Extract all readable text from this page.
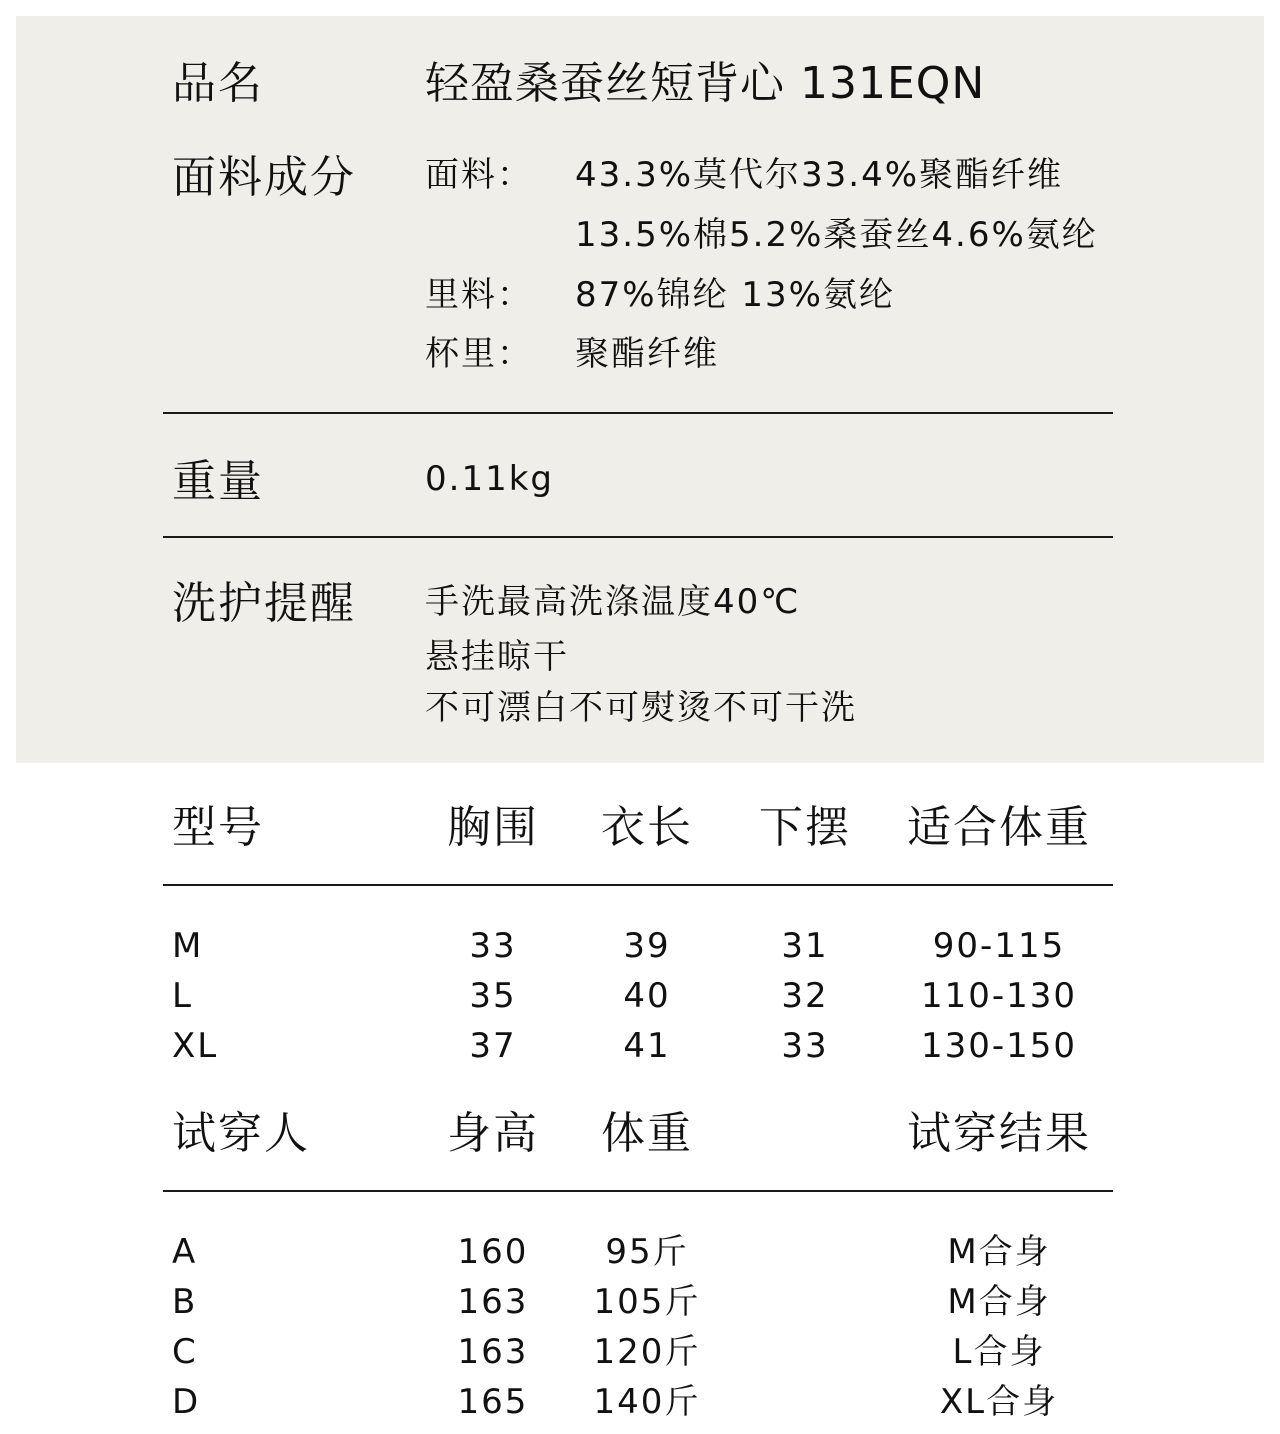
品名	轻盈桑蚕丝短背心 131EQN
面料成分 面料： 43.3%莫代尔33.4%聚酯纤维
13.5%棉5.2%桑蚕丝4.6%氨纶
里料： 87%锦纶 13%氨纶
杯里： 聚酯纤维
重量	0.11kg
洗护提醒 手洗最高洗涤温度40℃
悬挂晾干
不可漂白不可熨烫不可干洗
型号	胸围 衣长 下摆 适合体重
M	33	39	31	90-115
L	35	40	32	110-130
XL	37	41	33	130-150
试穿人	身高 体重	试穿结果
A	160 95斤	M合身
B	163 105斤	M合身
C	163 120斤	L合身
D	165 140斤	XL合身
